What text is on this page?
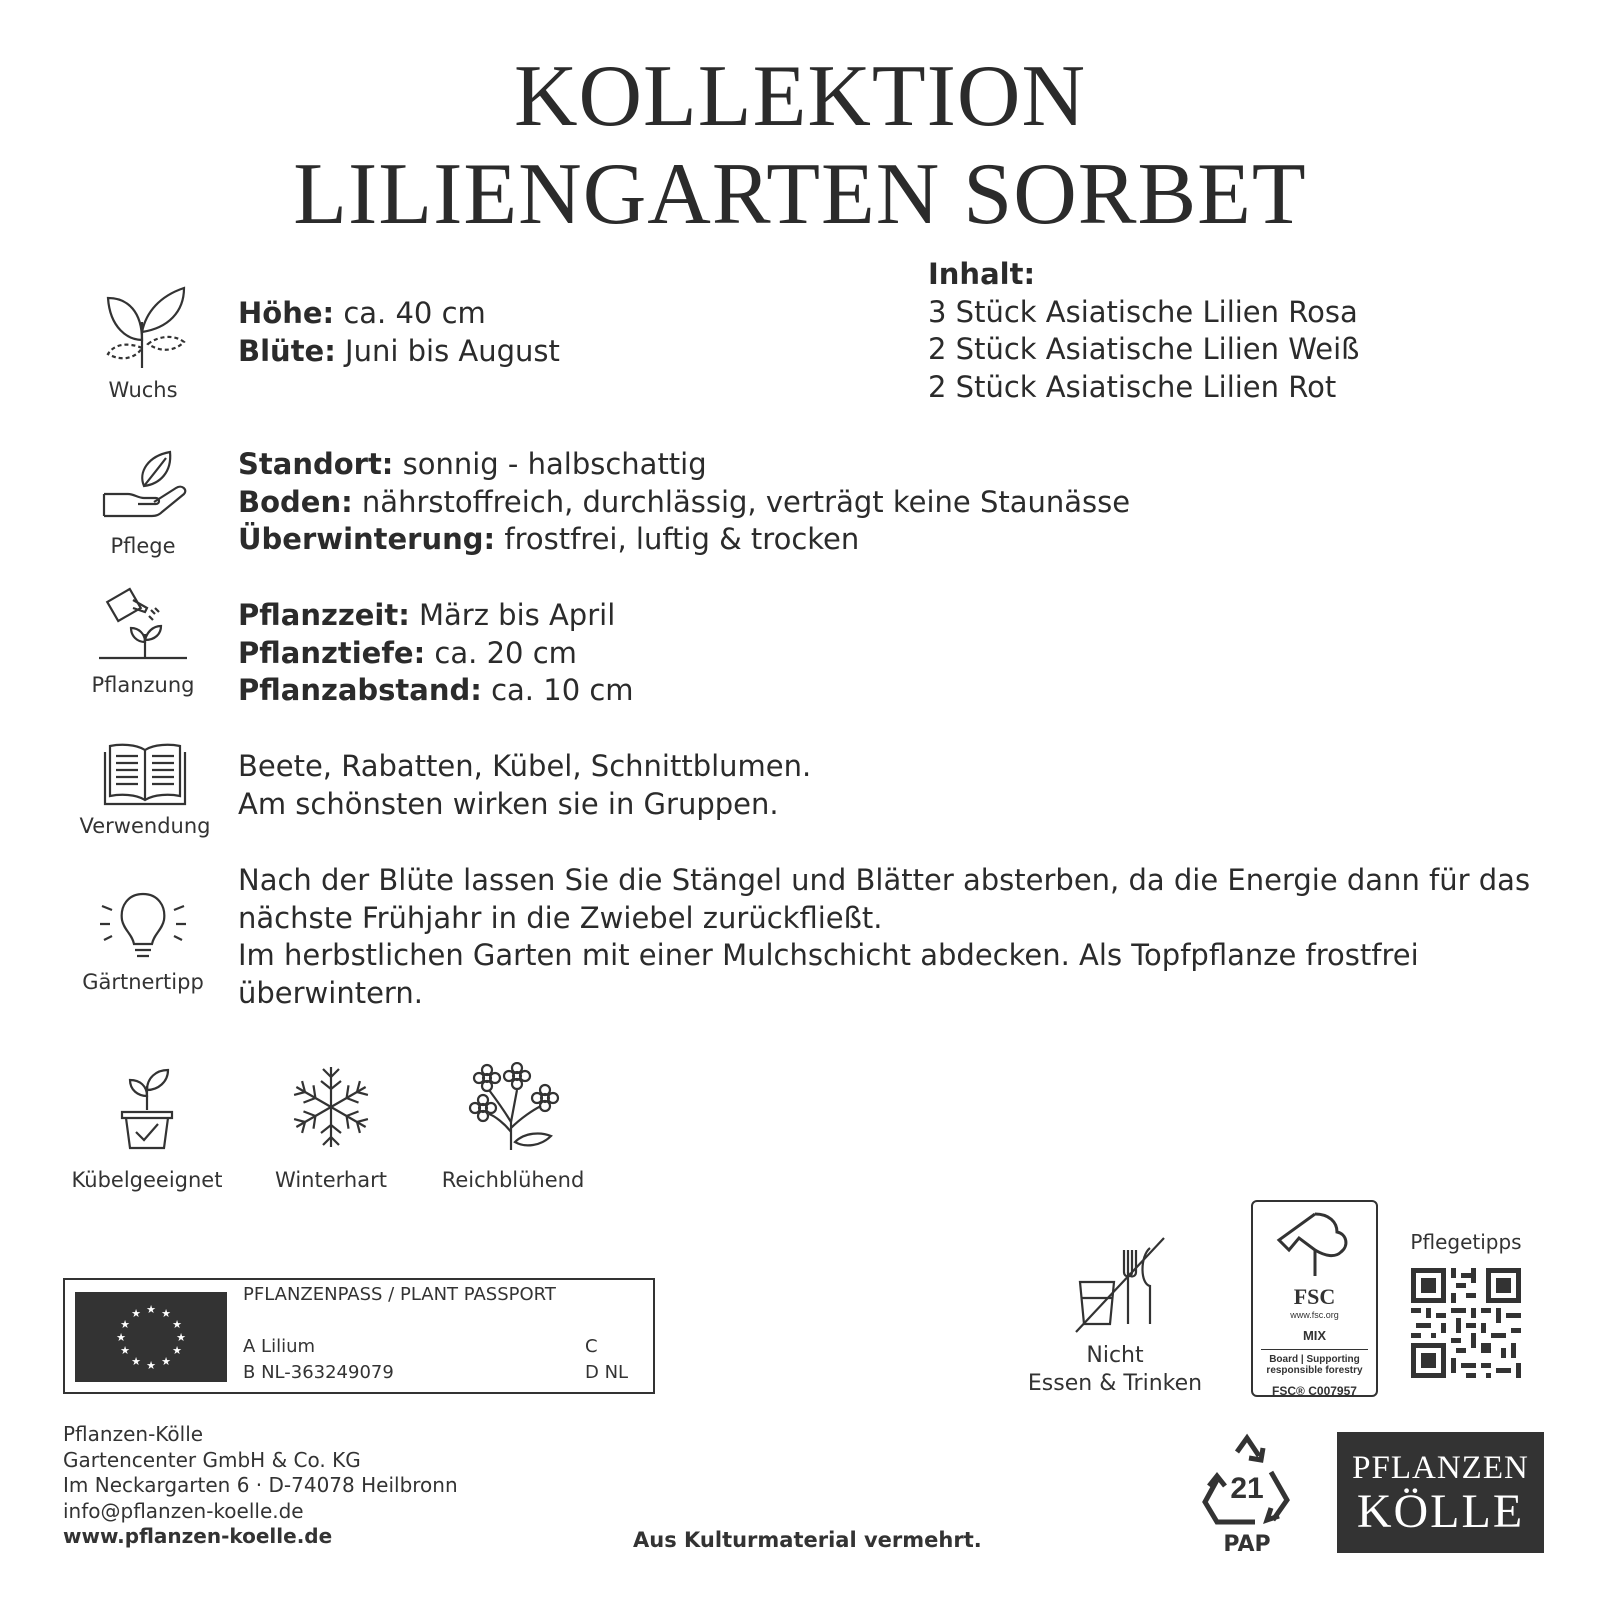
KOLLEKTION
LILIENGARTEN SORBET
Wuchs
Höhe: ca. 40 cm
Blüte: Juni bis August
Inhalt:
3 Stück Asiatische Lilien Rosa
2 Stück Asiatische Lilien Weiß
2 Stück Asiatische Lilien Rot
Pflege
Standort: sonnig - halbschattig
Boden: nährstoffreich, durchlässig, verträgt keine Staunässe
Überwinterung: frostfrei, luftig & trocken
Pflanzung
Pflanzzeit: März bis April
Pflanztiefe: ca. 20 cm
Pflanzabstand: ca. 10 cm
Verwendung
Beete, Rabatten, Kübel, Schnittblumen.
Am schönsten wirken sie in Gruppen.
Gärtnertipp
Nach der Blüte lassen Sie die Stängel und Blätter absterben, da die Energie dann für das
nächste Frühjahr in die Zwiebel zurückfließt.
Im herbstlichen Garten mit einer Mulchschicht abdecken. Als Topfpflanze frostfrei
überwintern.
Kübelgeeignet	Winterhart	Reichblühend
★ ★
★
★
★
★
★
★
★
★
★
★
PFLANZENPASS / PLANT PASSPORT
A Lilium
B NL-363249079
C
D NL
Nicht
Essen & Trinken
FSC
www.fsc.org
MIX
Board | Supporting
responsible forestry
FSC® C007957
Pflegetipps
Pflanzen-Kölle
Gartencenter GmbH & Co. KG
Im Neckargarten 6 · D-74078 Heilbronn
info@pflanzen-koelle.de
www.pflanzen-koelle.de	Aus Kulturmaterial vermehrt.
21
PAP
PFLANZEN
KÖLLE
